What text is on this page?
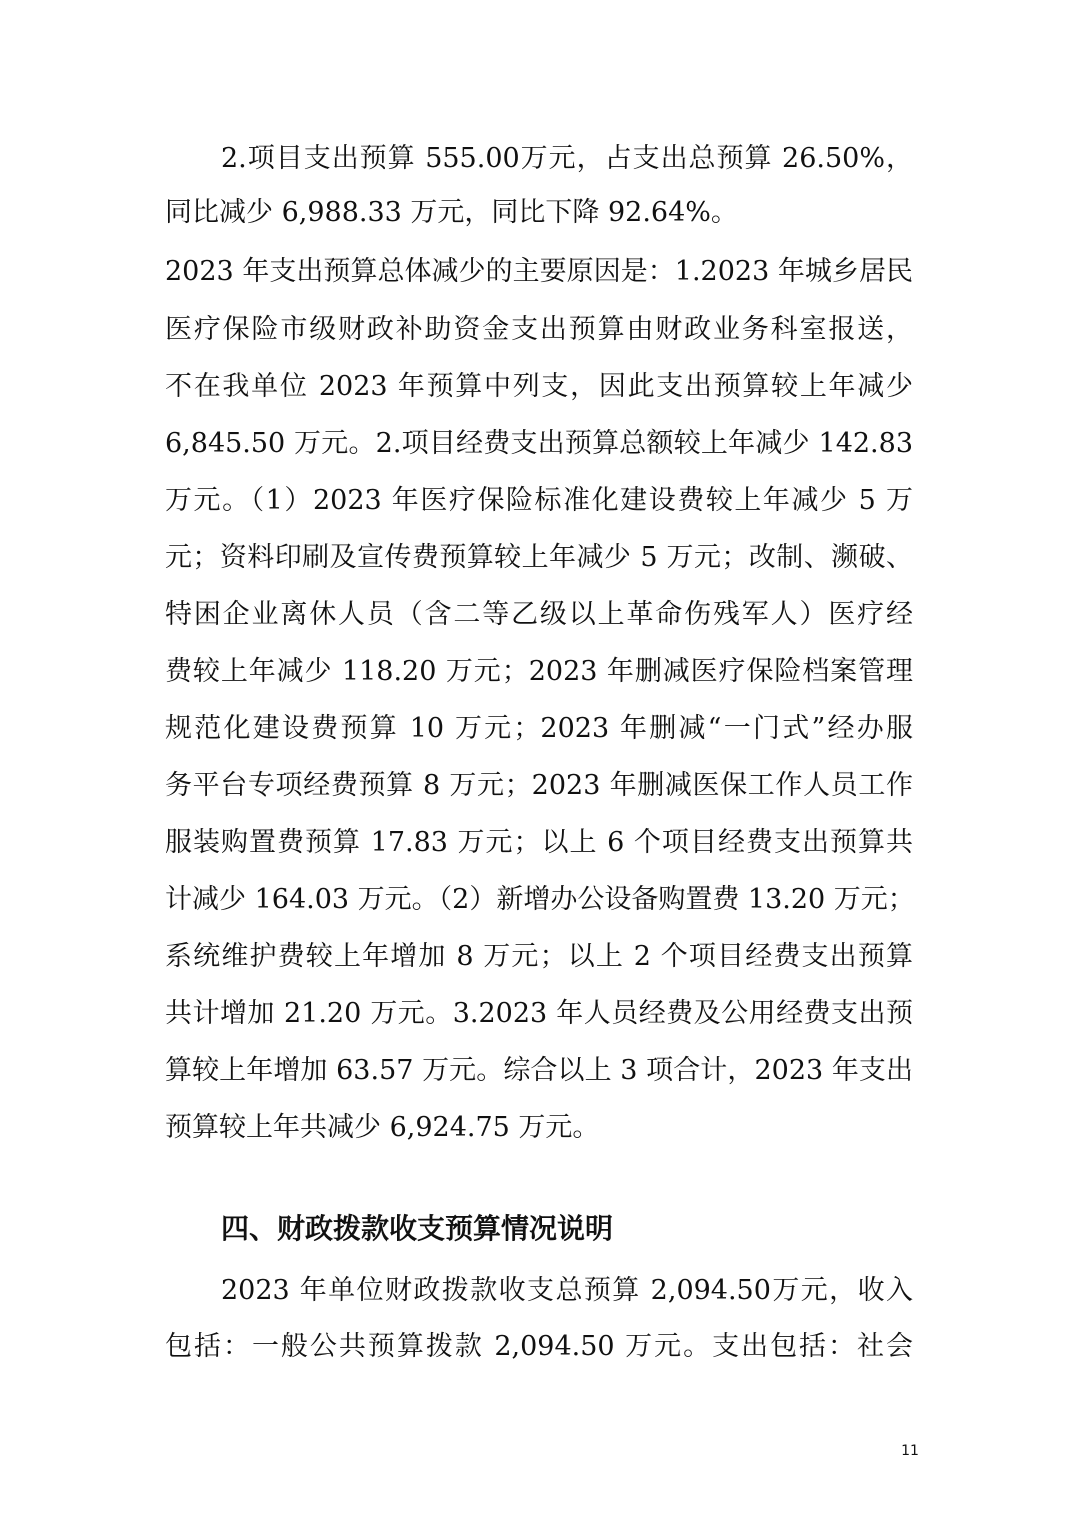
2.项目支出预算 555.00万元，占支出总预算 26.50%，
同比减少 6,988.33 万元，同比下降 92.64%。
2023 年支出预算总体减少的主要原因是：1.2023 年城乡居民
医疗保险市级财政补助资金支出预算由财政业务科室报送，
不在我单位 2023 年预算中列支，因此支出预算较上年减少
6,845.50 万元。2.项目经费支出预算总额较上年减少 142.83
万元。（1）2023 年医疗保险标准化建设费较上年减少 5 万
元；资料印刷及宣传费预算较上年减少 5 万元；改制、濒破、
特困企业离休人员（含二等乙级以上革命伤残军人）医疗经
费较上年减少 118.20 万元；2023 年删减医疗保险档案管理
规范化建设费预算 10 万元；2023 年删减“一门式”经办服
务平台专项经费预算 8 万元；2023 年删减医保工作人员工作
服装购置费预算 17.83 万元；以上 6 个项目经费支出预算共
计减少 164.03 万元。（2）新增办公设备购置费 13.20 万元；
系统维护费较上年增加 8 万元；以上 2 个项目经费支出预算
共计增加 21.20 万元。3.2023 年人员经费及公用经费支出预
算较上年增加 63.57 万元。综合以上 3 项合计，2023 年支出
预算较上年共减少 6,924.75 万元。
四、财政拨款收支预算情况说明
2023 年单位财政拨款收支总预算 2,094.50万元，收入
包括：一般公共预算拨款 2,094.50 万元。支出包括：社会
11
